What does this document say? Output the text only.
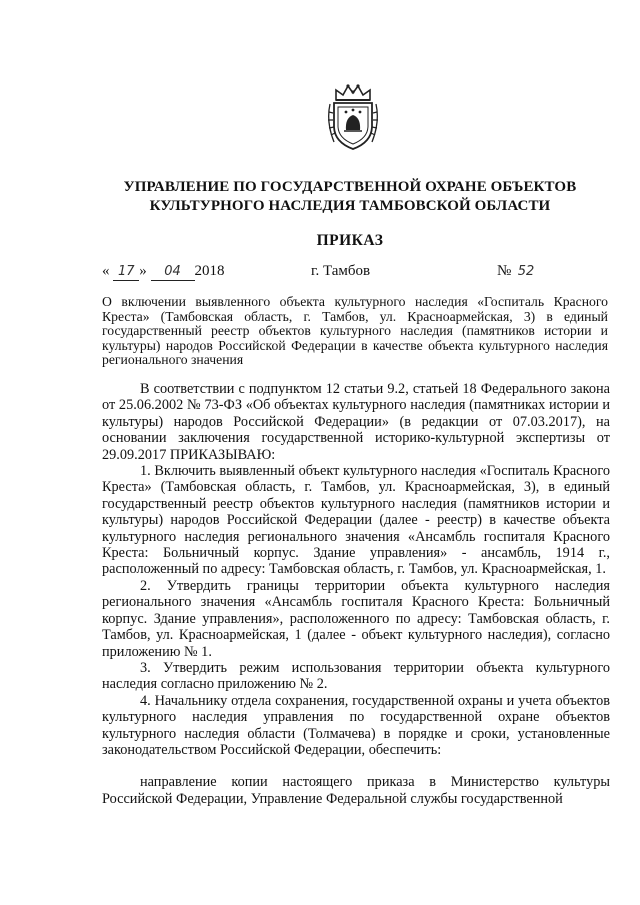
УПРАВЛЕНИЕ ПО ГОСУДАРСТВЕННОЙ ОХРАНЕ ОБЪЕКТОВ
КУЛЬТУРНОГО НАСЛЕДИЯ ТАМБОВСКОЙ ОБЛАСТИ
ПРИКАЗ
« 17 » 04 2018	г. Тамбов	№ 52
О включении выявленного объекта культурного наследия «Госпиталь Красного Креста» (Тамбовская область, г. Тамбов, ул. Красноармейская, 3) в единый государственный реестр объектов культурного наследия (памятников истории и культуры) народов Российской Федерации в качестве объекта культурного наследия регионального значения

В соответствии с подпунктом 12 статьи 9.2, статьей 18 Федерального закона от 25.06.2002 № 73-ФЗ «Об объектах культурного наследия (памятниках истории и культуры) народов Российской Федерации» (в редакции от 07.03.2017), на основании заключения государственной историко-культурной экспертизы от 29.09.2017 ПРИКАЗЫВАЮ:

1. Включить выявленный объект культурного наследия «Госпиталь Красного Креста» (Тамбовская область, г. Тамбов, ул. Красноармейская, 3), в единый государственный реестр объектов культурного наследия (памятников истории и культуры) народов Российской Федерации (далее - реестр) в качестве объекта культурного наследия регионального значения «Ансамбль госпиталя Красного Креста: Больничный корпус. Здание управления» - ансамбль, 1914 г., расположенный по адресу: Тамбовская область, г. Тамбов, ул. Красноармейская, 1.

2. Утвердить границы территории объекта культурного наследия регионального значения «Ансамбль госпиталя Красного Креста: Больничный корпус. Здание управления», расположенного по адресу: Тамбовская область, г. Тамбов, ул. Красноармейская, 1 (далее - объект культурного наследия), согласно приложению № 1.

3. Утвердить режим использования территории объекта культурного наследия согласно приложению № 2.

4. Начальнику отдела сохранения, государственной охраны и учета объектов культурного наследия управления по государственной охране объектов культурного наследия области (Толмачева) в порядке и сроки, установленные законодательством Российской Федерации, обеспечить:

направление копии настоящего приказа в Министерство культуры Российской Федерации, Управление Федеральной службы государственной
